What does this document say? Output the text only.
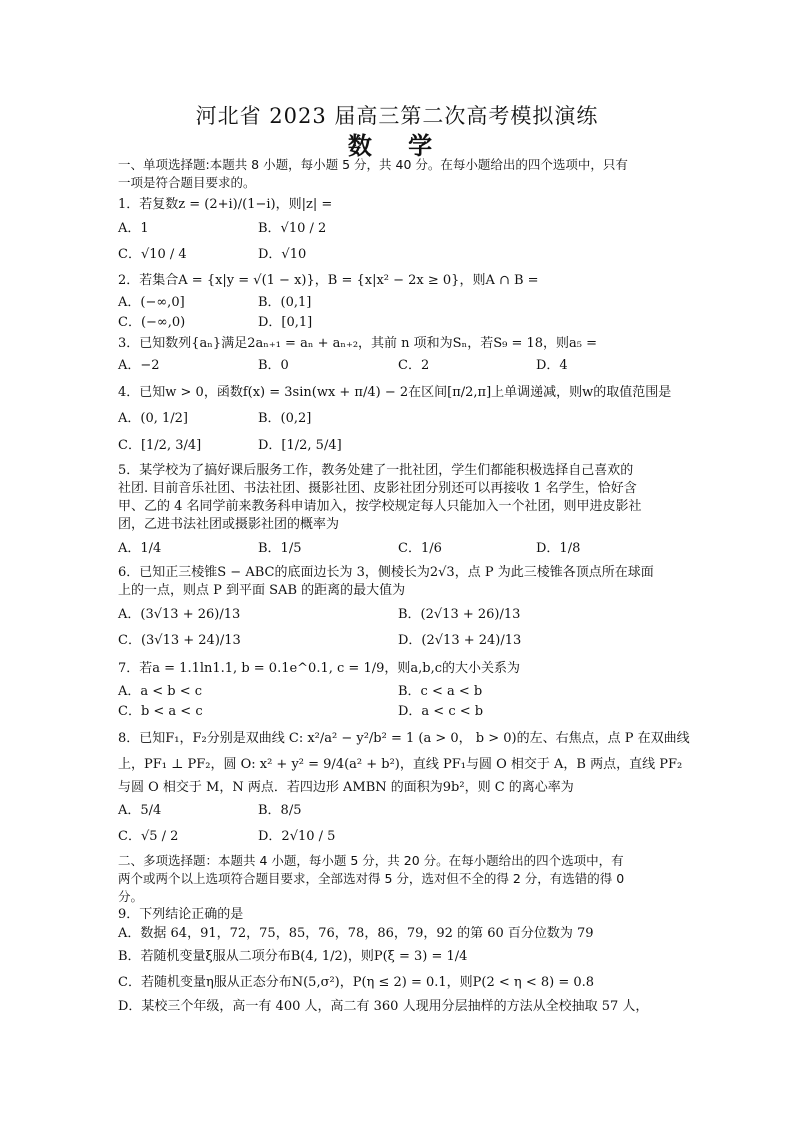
河北省 2023 届高三第二次高考模拟演练
数 学
一、单项选择题:本题共 8 小题，每小题 5 分，共 40 分。在每小题给出的四个选项中，只有
一项是符合题目要求的。
1．若复数z = (2+i)/(1−i)，则|z| =
A．1	B．√10 / 2
C．√10 / 4	D．√10
2．若集合A = {x|y = √(1 − x)}，B = {x|x² − 2x ≥ 0}，则A ∩ B =
A．(−∞,0]	B．(0,1]
C．(−∞,0)	D．[0,1]
3．已知数列{aₙ}满足2aₙ₊₁ = aₙ + aₙ₊₂，其前 n 项和为Sₙ，若S₉ = 18，则a₅ =
A．−2	B．0	C．2	D．4
4．已知w > 0，函数f(x) = 3sin(wx + π/4) − 2在区间[π/2,π]上单调递减，则w的取值范围是
A．(0, 1/2]	B．(0,2]
C．[1/2, 3/4]	D．[1/2, 5/4]
5．某学校为了搞好课后服务工作，教务处建了一批社团，学生们都能积极选择自己喜欢的
社团. 目前音乐社团、书法社团、摄影社团、皮影社团分别还可以再接收 1 名学生，恰好含
甲、乙的 4 名同学前来教务科申请加入，按学校规定每人只能加入一个社团，则甲进皮影社
团，乙进书法社团或摄影社团的概率为
A．1/4	B．1/5	C．1/6	D．1/8
6．已知正三棱锥S − ABC的底面边长为 3，侧棱长为2√3，点 P 为此三棱锥各顶点所在球面
上的一点，则点 P 到平面 SAB 的距离的最大值为
A．(3√13 + 26)/13	B．(2√13 + 26)/13
C．(3√13 + 24)/13	D．(2√13 + 24)/13
7．若a = 1.1ln1.1, b = 0.1e^0.1, c = 1/9，则a,b,c的大小关系为
A．a < b < c	B．c < a < b
C．b < a < c	D．a < c < b
8．已知F₁，F₂分别是双曲线 C: x²/a² − y²/b² = 1 (a > 0， b > 0)的左、右焦点，点 P 在双曲线
上，PF₁ ⊥ PF₂，圆 O: x² + y² = 9/4(a² + b²)，直线 PF₁与圆 O 相交于 A，B 两点，直线 PF₂
与圆 O 相交于 M，N 两点．若四边形 AMBN 的面积为9b²，则 C 的离心率为
A．5/4	B．8/5
C．√5 / 2	D．2√10 / 5
二、多项选择题：本题共 4 小题，每小题 5 分，共 20 分。在每小题给出的四个选项中，有
两个或两个以上选项符合题目要求，全部选对得 5 分，选对但不全的得 2 分，有选错的得 0
分。
9．下列结论正确的是
A．数据 64，91，72，75，85，76，78，86，79，92 的第 60 百分位数为 79
B．若随机变量ξ服从二项分布B(4, 1/2)，则P(ξ = 3) = 1/4
C．若随机变量η服从正态分布N(5,σ²)，P(η ≤ 2) = 0.1，则P(2 < η < 8) = 0.8
D．某校三个年级，高一有 400 人，高二有 360 人现用分层抽样的方法从全校抽取 57 人，
